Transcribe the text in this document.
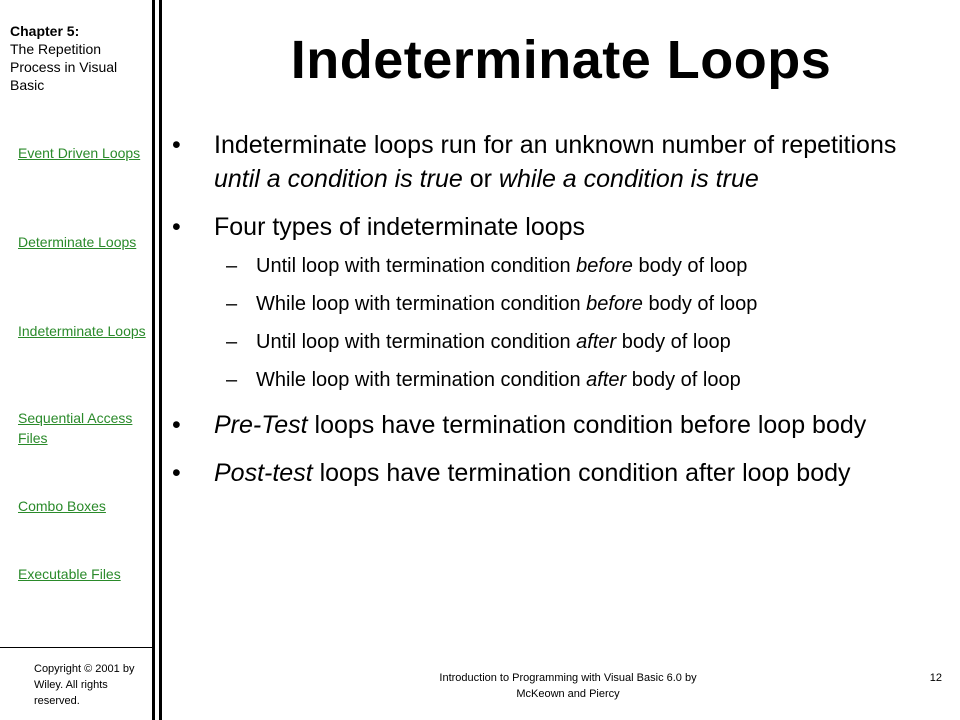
Chapter 5:
The Repetition Process in Visual Basic
Event Driven Loops
Determinate Loops
Indeterminate Loops
Sequential Access Files
Combo Boxes
Executable Files
Copyright © 2001 by Wiley. All rights reserved.
Indeterminate Loops
• Indeterminate loops run for an unknown number of repetitions until a condition is true or while a condition is true
• Four types of indeterminate loops
– Until loop with termination condition before body of loop
– While loop with termination condition before body of loop
– Until loop with termination condition after body of loop
– While loop with termination condition after body of loop
• Pre-Test loops have termination condition before loop body
• Post-test loops have termination condition after loop body
Introduction to Programming with Visual Basic 6.0 by McKeown and Piercy
12
